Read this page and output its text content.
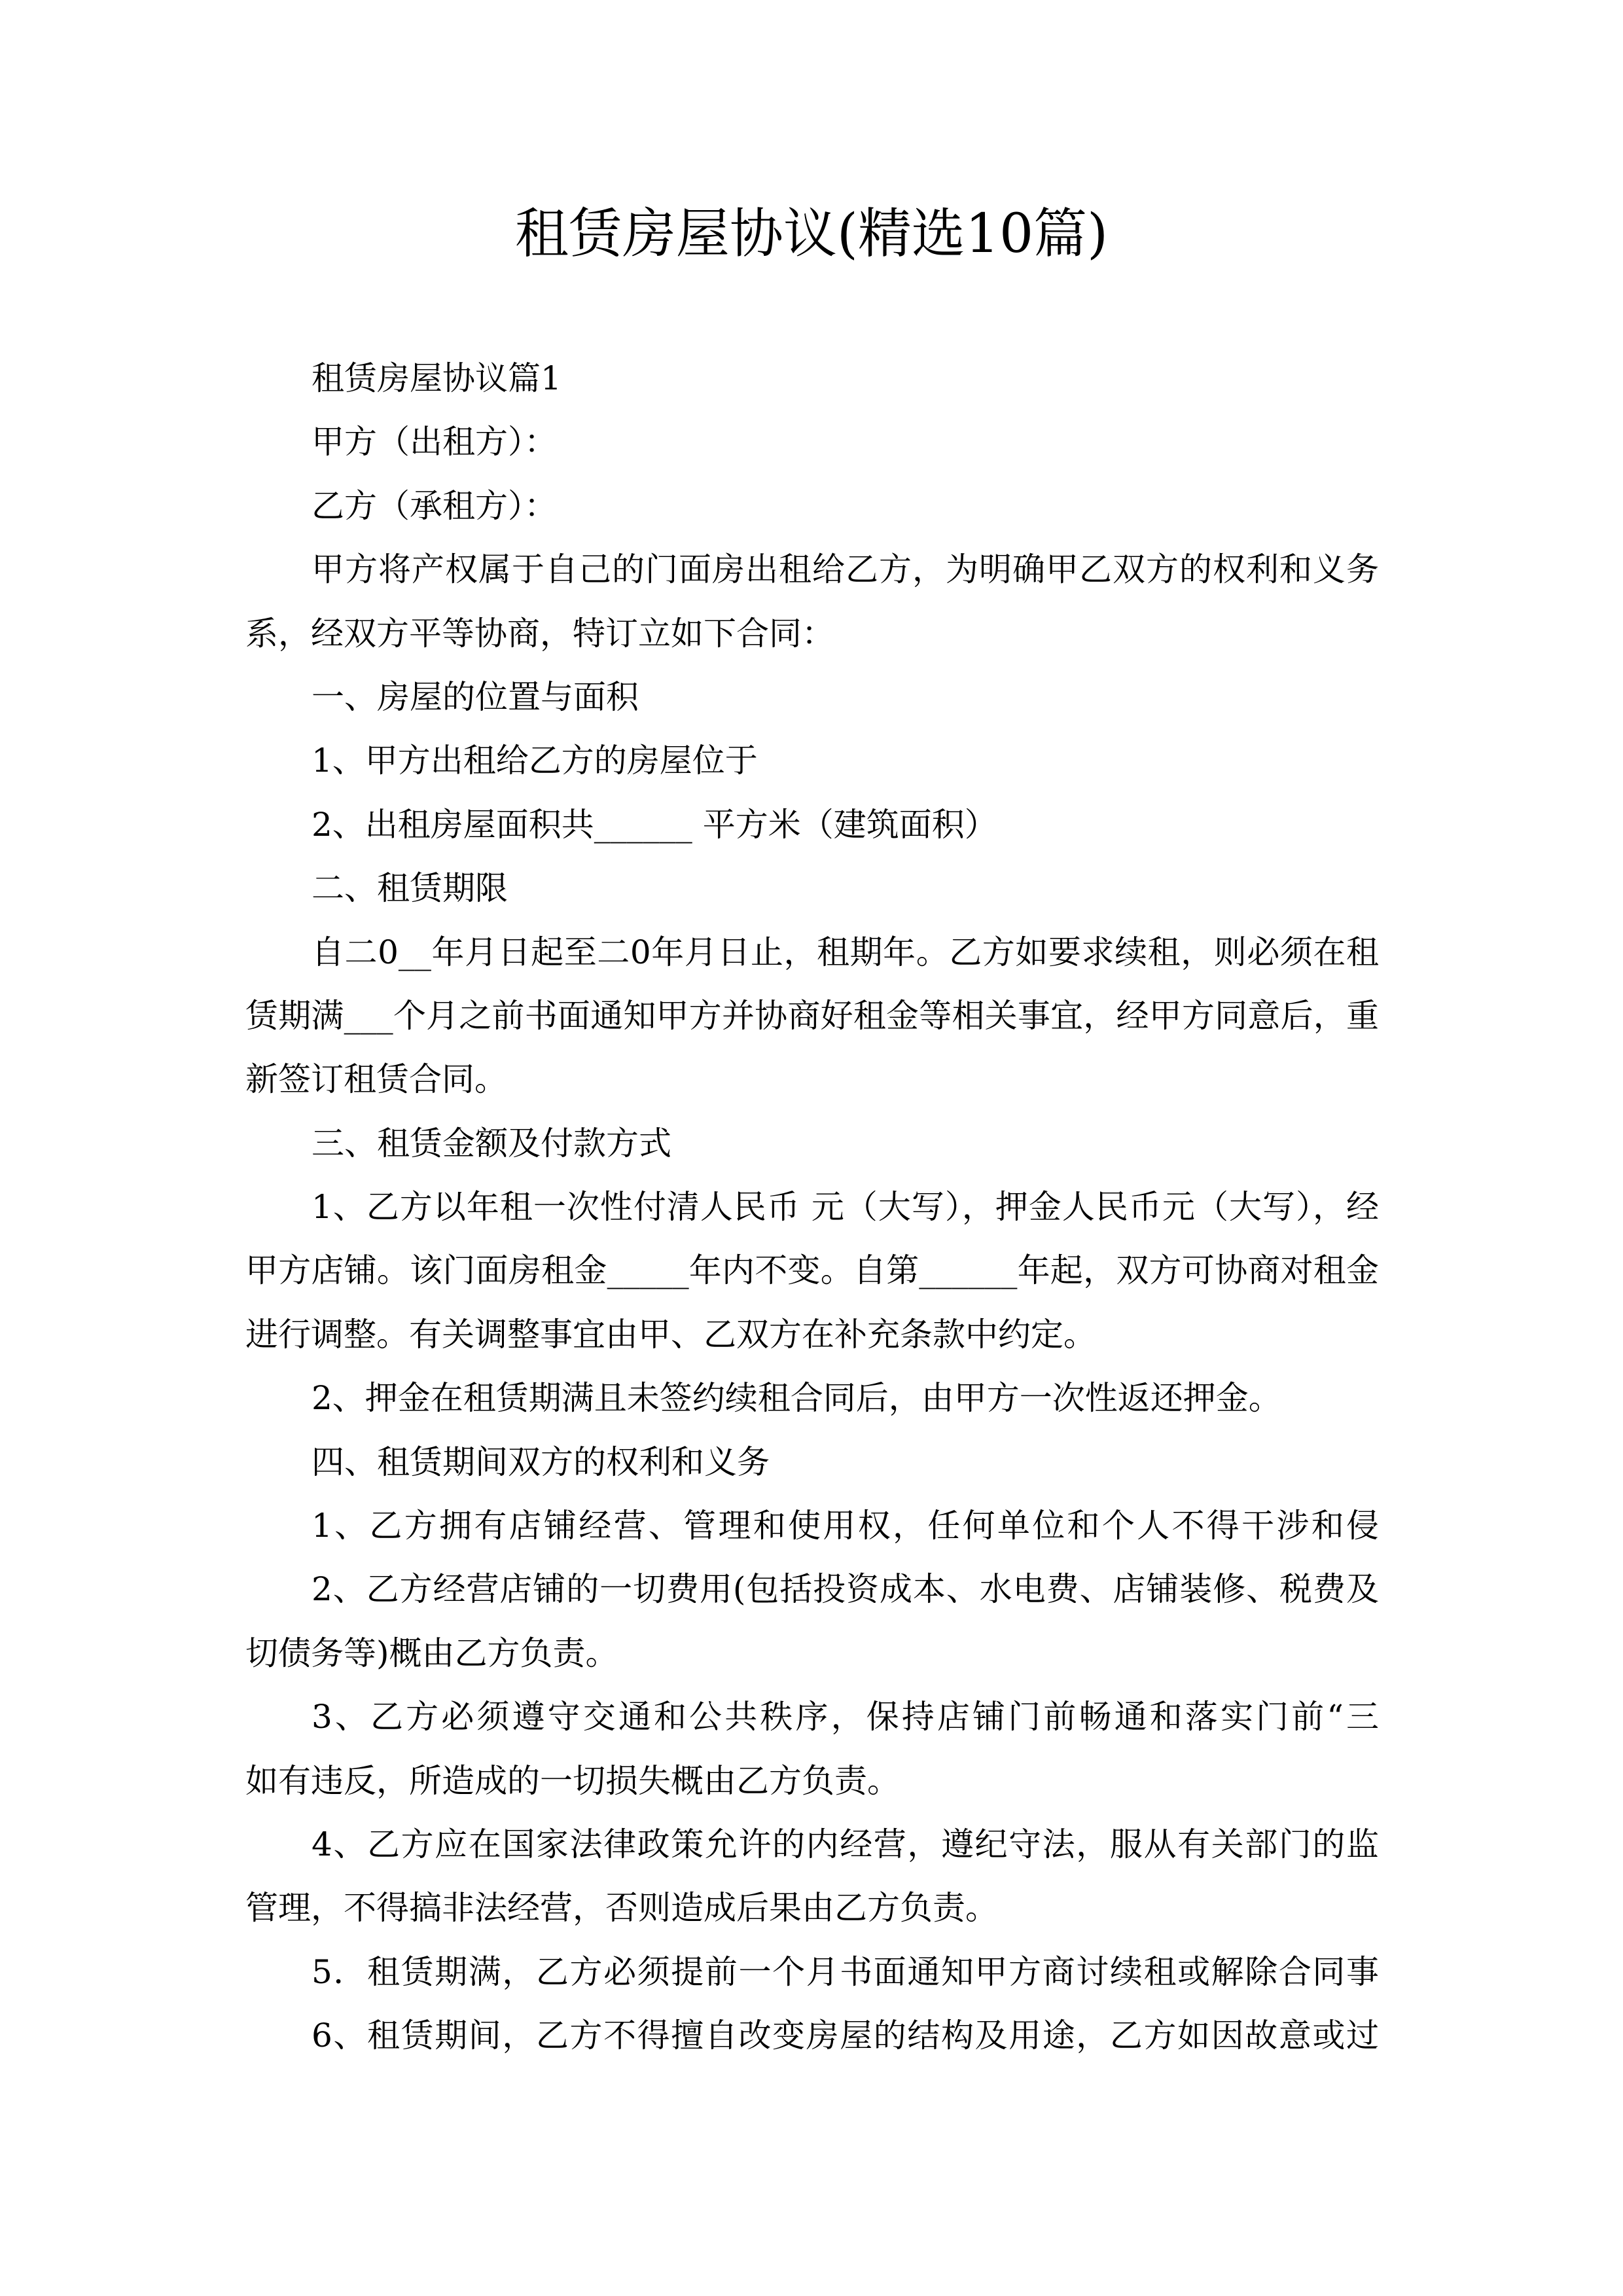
租赁房屋协议(精选10篇)
租赁房屋协议篇1
甲方（出租方）：
乙方（承租方）：
甲方将产权属于自己的门面房出租给乙方，为明确甲乙双方的权利和义务
系，经双方平等协商，特订立如下合同：
一、房屋的位置与面积
1、甲方出租给乙方的房屋位于
2、出租房屋面积共______ 平方米（建筑面积）
二、租赁期限
自二0__年月日起至二0年月日止，租期年。乙方如要求续租，则必须在租
赁期满___个月之前书面通知甲方并协商好租金等相关事宜，经甲方同意后，重
新签订租赁合同。
三、租赁金额及付款方式
1、乙方以年租一次性付清人民币 元（大写），押金人民币元（大写），经
甲方店铺。该门面房租金_____年内不变。自第______年起，双方可协商对租金
进行调整。有关调整事宜由甲、乙双方在补充条款中约定。
2、押金在租赁期满且未签约续租合同后，由甲方一次性返还押金。
四、租赁期间双方的权利和义务
1、乙方拥有店铺经营、管理和使用权，任何单位和个人不得干涉和侵
2、乙方经营店铺的一切费用(包括投资成本、水电费、店铺装修、税费及
切债务等)概由乙方负责。
3、乙方必须遵守交通和公共秩序，保持店铺门前畅通和落实门前“三
如有违反，所造成的一切损失概由乙方负责。
4、乙方应在国家法律政策允许的内经营，遵纪守法，服从有关部门的监
管理，不得搞非法经营，否则造成后果由乙方负责。
5．租赁期满，乙方必须提前一个月书面通知甲方商讨续租或解除合同事
6、租赁期间，乙方不得擅自改变房屋的结构及用途，乙方如因故意或过
